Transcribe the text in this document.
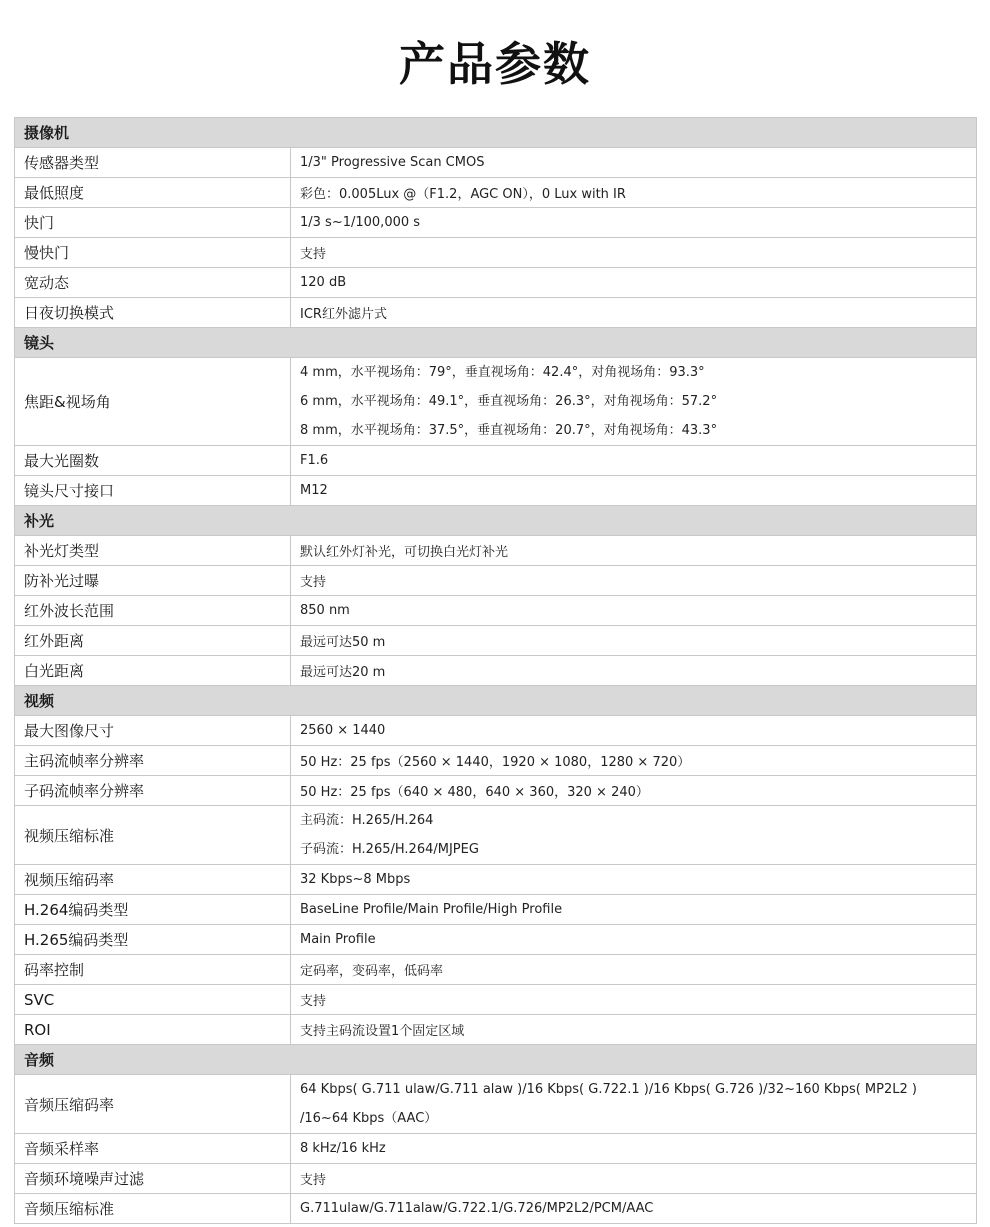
产品参数
摄像机	
传感器类型	1/3" Progressive Scan CMOS
最低照度	彩色：0.005Lux @（F1.2，AGC ON），0 Lux with IR
快门	1/3 s~1/100,000 s
慢快门	支持
宽动态	120 dB
日夜切换模式	ICR红外滤片式
镜头	
焦距&视场角	4 mm，水平视场角：79°，垂直视场角：42.4°，对角视场角：93.3°
6 mm，水平视场角：49.1°，垂直视场角：26.3°，对角视场角：57.2°
8 mm，水平视场角：37.5°，垂直视场角：20.7°，对角视场角：43.3°

最大光圈数	F1.6
镜头尺寸接口	M12
补光	
补光灯类型	默认红外灯补光，可切换白光灯补光
防补光过曝	支持
红外波长范围	850 nm
红外距离	最远可达50 m
白光距离	最远可达20 m
视频	
最大图像尺寸	2560 × 1440
主码流帧率分辨率	50 Hz：25 fps（2560 × 1440，1920 × 1080，1280 × 720）
子码流帧率分辨率	50 Hz：25 fps（640 × 480，640 × 360，320 × 240）
视频压缩标准	主码流：H.265/H.264
子码流：H.265/H.264/MJPEG

视频压缩码率	32 Kbps~8 Mbps
H.264编码类型	BaseLine Profile/Main Profile/High Profile
H.265编码类型	Main Profile
码率控制	定码率，变码率，低码率
SVC	支持
ROI	支持主码流设置1个固定区域
音频	
音频压缩码率	64 Kbps( G.711 ulaw/G.711 alaw )/16 Kbps( G.722.1 )/16 Kbps( G.726 )/32~160 Kbps( MP2L2 )
/16~64 Kbps（AAC）

音频采样率	8 kHz/16 kHz
音频环境噪声过滤	支持
音频压缩标准	G.711ulaw/G.711alaw/G.722.1/G.726/MP2L2/PCM/AAC
